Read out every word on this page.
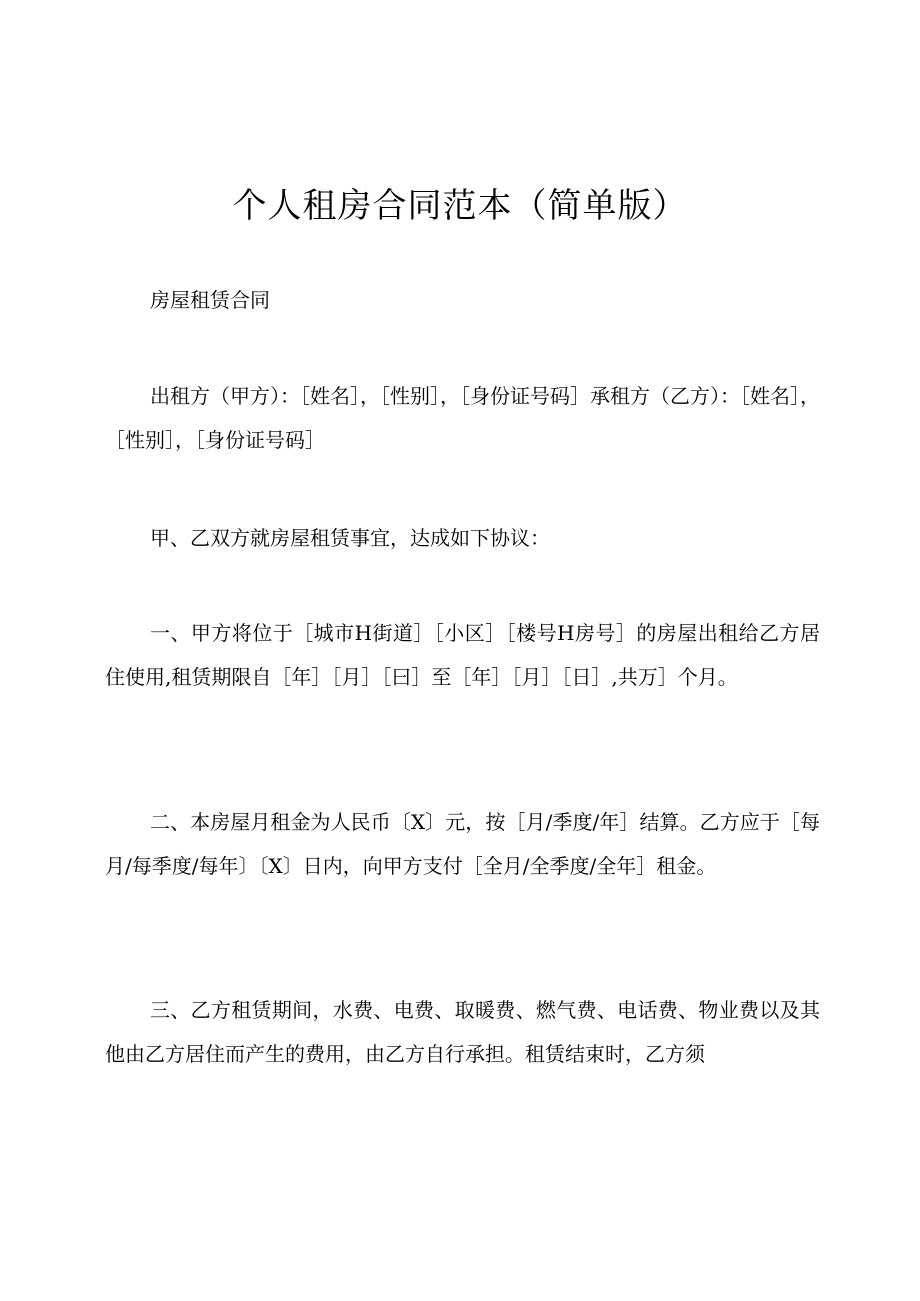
个人租房合同范本（简单版）

房屋租赁合同

出租方（甲方）：［姓名］，［性别］，［身份证号码］承租方（乙方）：［姓名］，［性别］，［身份证号码］

甲、乙双方就房屋租赁事宜，达成如下协议：

一、甲方将位于［城市H街道］［小区］［楼号H房号］的房屋出租给乙方居住使用,租赁期限自［年］［月］［曰］至［年］［月］［日］,共万］个月。

二、本房屋月租金为人民币〔X〕元，按［月/季度/年］结算。乙方应于［每月/每季度/每年〕〔X〕日内，向甲方支付［全月/全季度/全年］租金。

三、乙方租赁期间，水费、电费、取暖费、燃气费、电话费、物业费以及其他由乙方居住而产生的费用，由乙方自行承担。租赁结束时，乙方须
